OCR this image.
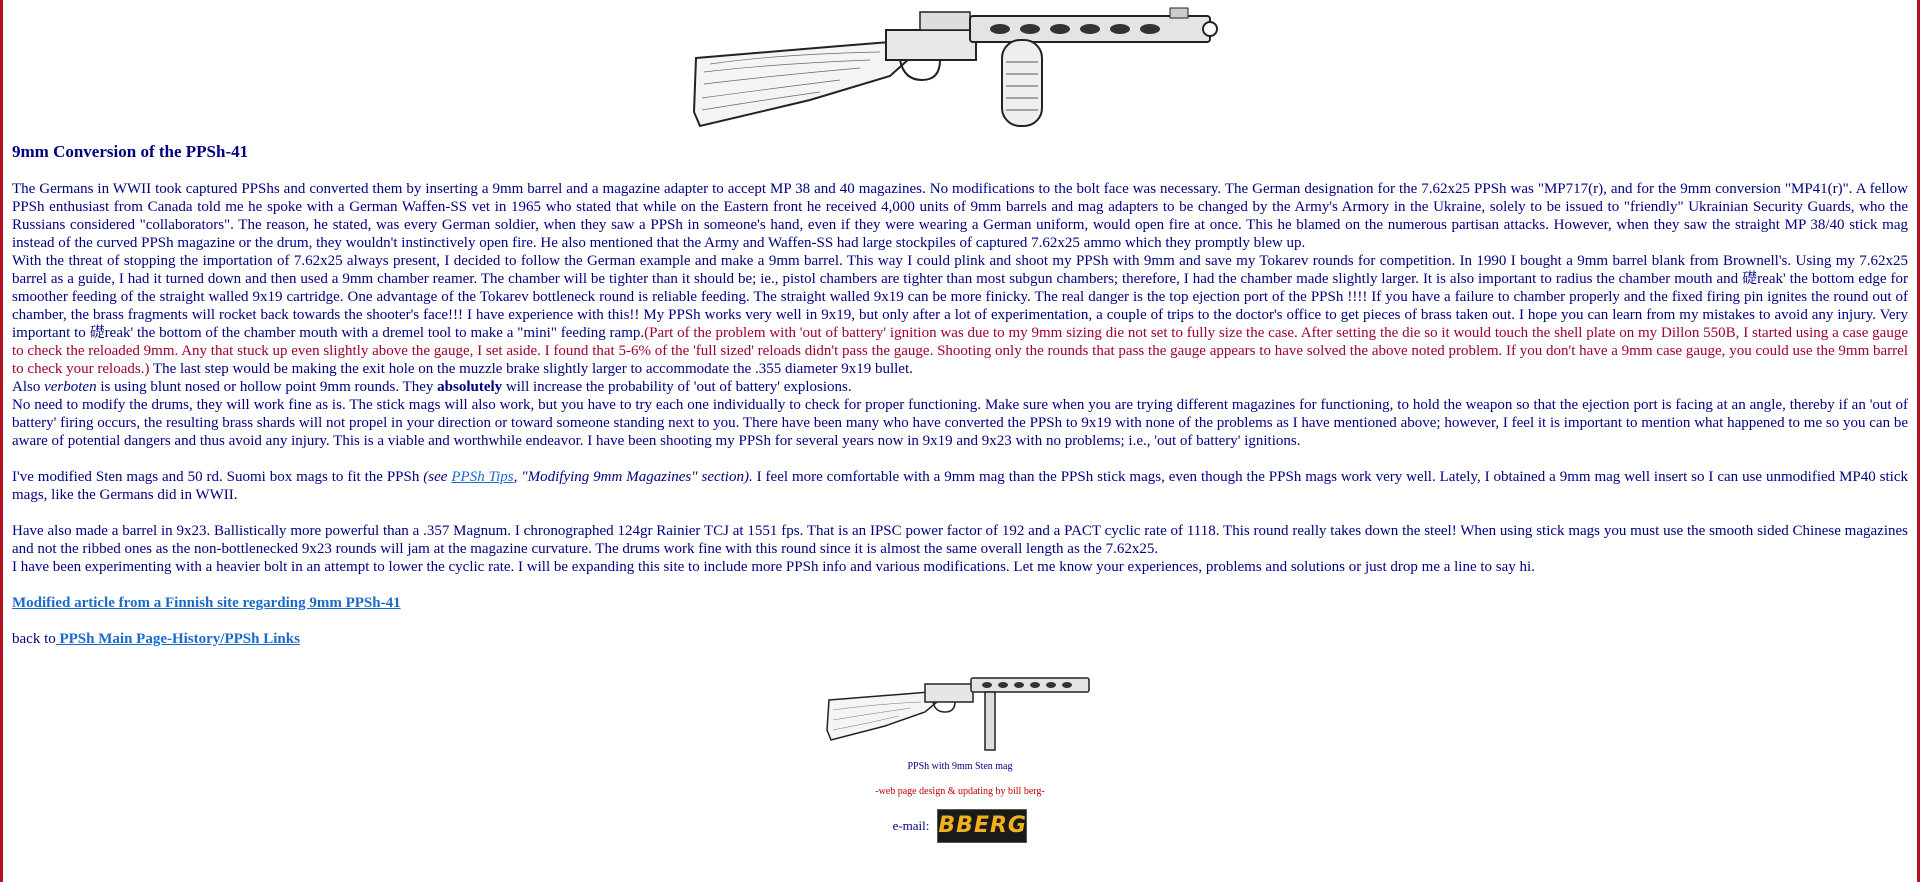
9mm Conversion of the PPSh-41

The Germans in WWII took captured PPShs and converted them by inserting a 9mm barrel and a magazine adapter to accept MP 38 and 40 magazines. No modifications to the bolt face was necessary. The German designation for the 7.62x25 PPSh was "MP717(r), and for the 9mm conversion "MP41(r)". A fellow PPSh enthusiast from Canada told me he spoke with a German Waffen-SS vet in 1965 who stated that while on the Eastern front he received 4,000 units of 9mm barrels and mag adapters to be changed by the Army's Armory in the Ukraine, solely to be issued to "friendly" Ukrainian Security Guards, who the Russians considered "collaborators". The reason, he stated, was every German soldier, when they saw a PPSh in someone's hand, even if they were wearing a German uniform, would open fire at once. This he blamed on the numerous partisan attacks. However, when they saw the straight MP 38/40 stick mag instead of the curved PPSh magazine or the drum, they wouldn't instinctively open fire. He also mentioned that the Army and Waffen-SS had large stockpiles of captured 7.62x25 ammo which they promptly blew up.

With the threat of stopping the importation of 7.62x25 always present, I decided to follow the German example and make a 9mm barrel. This way I could plink and shoot my PPSh with 9mm and save my Tokarev rounds for competition. In 1990 I bought a 9mm barrel blank from Brownell's. Using my 7.62x25 barrel as a guide, I had it turned down and then used a 9mm chamber reamer. The chamber will be tighter than it should be; ie., pistol chambers are tighter than most subgun chambers; therefore, I had the chamber made slightly larger. It is also important to radius the chamber mouth and 礎reak' the bottom edge for smoother feeding of the straight walled 9x19 cartridge. One advantage of the Tokarev bottleneck round is reliable feeding. The straight walled 9x19 can be more finicky. The real danger is the top ejection port of the PPSh !!!! If you have a failure to chamber properly and the fixed firing pin ignites the round out of chamber, the brass fragments will rocket back towards the shooter's face!!! I have experience with this!! My PPSh works very well in 9x19, but only after a lot of experimentation, a couple of trips to the doctor's office to get pieces of brass taken out. I hope you can learn from my mistakes to avoid any injury. Very important to 礎reak' the bottom of the chamber mouth with a dremel tool to make a "mini" feeding ramp.(Part of the problem with 'out of battery' ignition was due to my 9mm sizing die not set to fully size the case. After setting the die so it would touch the shell plate on my Dillon 550B, I started using a case gauge to check the reloaded 9mm. Any that stuck up even slightly above the gauge, I set aside. I found that 5-6% of the 'full sized' reloads didn't pass the gauge. Shooting only the rounds that pass the gauge appears to have solved the above noted problem. If you don't have a 9mm case gauge, you could use the 9mm barrel to check your reloads.) The last step would be making the exit hole on the muzzle brake slightly larger to accommodate the .355 diameter 9x19 bullet.

Also verboten is using blunt nosed or hollow point 9mm rounds. They absolutely will increase the probability of 'out of battery' explosions.

No need to modify the drums, they will work fine as is. The stick mags will also work, but you have to try each one individually to check for proper functioning. Make sure when you are trying different magazines for functioning, to hold the weapon so that the ejection port is facing at an angle, thereby if an 'out of battery' firing occurs, the resulting brass shards will not propel in your direction or toward someone standing next to you. There have been many who have converted the PPSh to 9x19 with none of the problems as I have mentioned above; however, I feel it is important to mention what happened to me so you can be aware of potential dangers and thus avoid any injury. This is a viable and worthwhile endeavor. I have been shooting my PPSh for several years now in 9x19 and 9x23 with no problems; i.e., 'out of battery' ignitions.

I've modified Sten mags and 50 rd. Suomi box mags to fit the PPSh (see PPSh Tips, "Modifying 9mm Magazines" section). I feel more comfortable with a 9mm mag than the PPSh stick mags, even though the PPSh mags work very well. Lately, I obtained a 9mm mag well insert so I can use unmodified MP40 stick mags, like the Germans did in WWII.

Have also made a barrel in 9x23. Ballistically more powerful than a .357 Magnum. I chronographed 124gr Rainier TCJ at 1551 fps. That is an IPSC power factor of 192 and a PACT cyclic rate of 1118. This round really takes down the steel! When using stick mags you must use the smooth sided Chinese magazines and not the ribbed ones as the non-bottlenecked 9x23 rounds will jam at the magazine curvature. The drums work fine with this round since it is almost the same overall length as the 7.62x25.

I have been experimenting with a heavier bolt in an attempt to lower the cyclic rate. I will be expanding this site to include more PPSh info and various modifications. Let me know your experiences, problems and solutions or just drop me a line to say hi.

Modified article from a Finnish site regarding 9mm PPSh-41

back to PPSh Main Page-History/PPSh Links

PPSh with 9mm Sten mag
-web page design & updating by bill berg-
e-mail: BBERG
